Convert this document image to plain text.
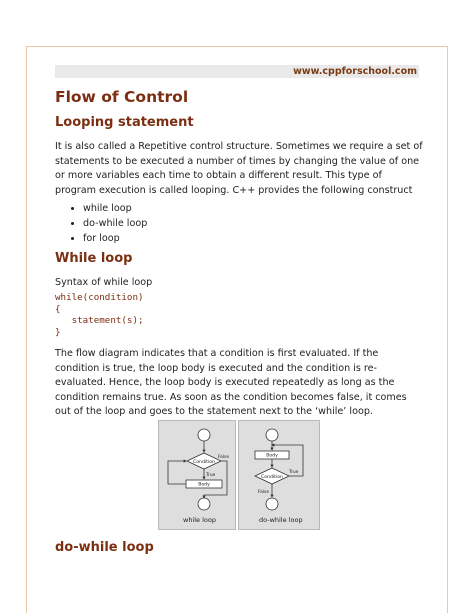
www.cppforschool.com
Flow of Control
Looping statement

It is also called a Repetitive control structure. Sometimes we require a set of statements to be executed a number of times by changing the value of one or more variables each time to obtain a different result. This type of program execution is called looping. C++ provides the following construct

• while loop
• do-while loop
• for loop
While loop

Syntax of while loop

while(condition)
{
statement(s);
}

The flow diagram indicates that a condition is first evaluated. If the condition is true, the loop body is executed and the condition is re-evaluated. Hence, the loop body is executed repeatedly as long as the condition remains true. As soon as the condition becomes false, it comes out of the loop and goes to the statement next to the ‘while’ loop.

Condition
False
True
Body
while loop
Body
Condition
True
False
do-while loop
do-while loop
